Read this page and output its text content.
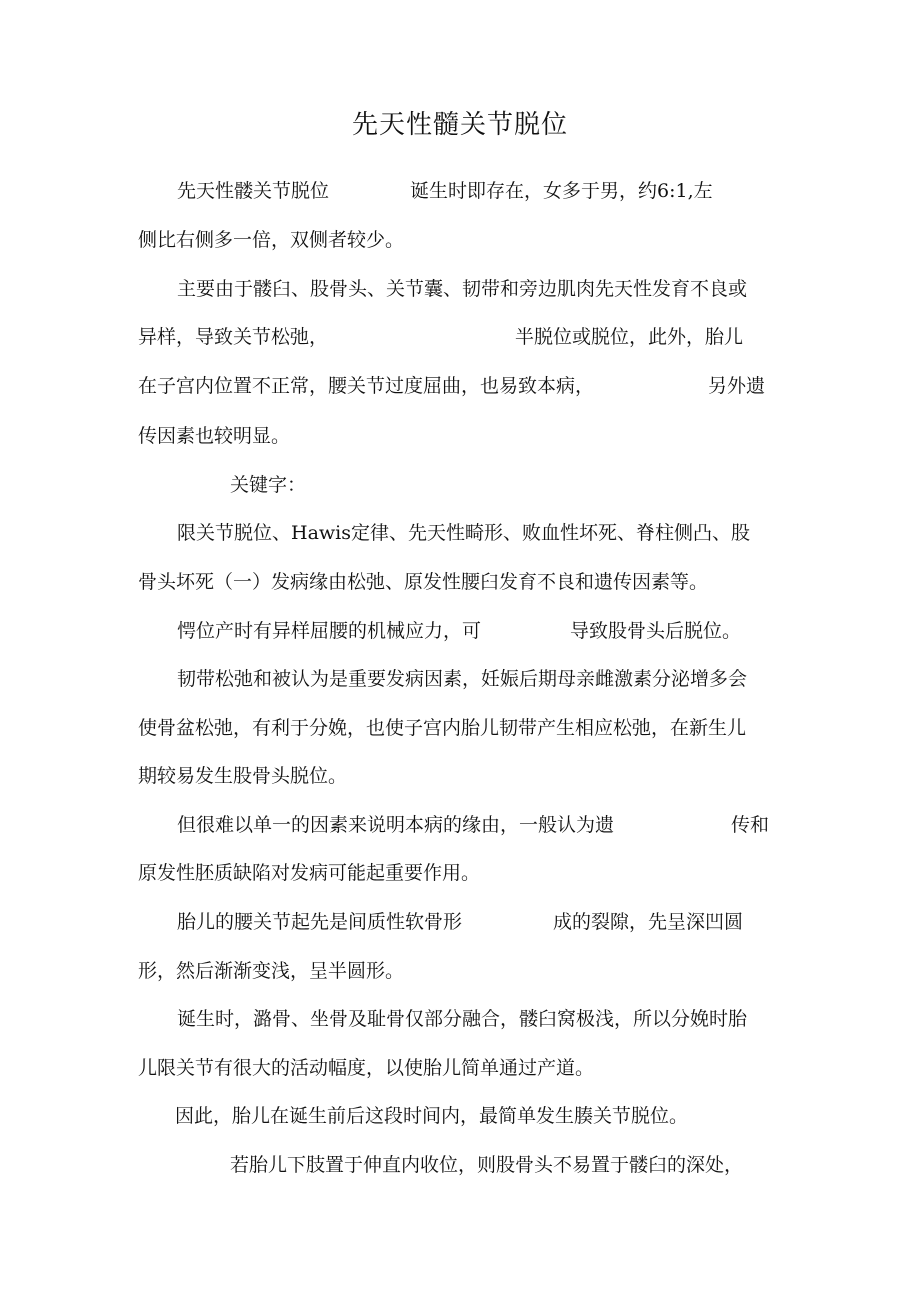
先天性髓关节脱位
先天性髅关节脱位	诞生时即存在，女多于男，约6:1,左
侧比右侧多一倍，双侧者较少。
主要由于髅臼、股骨头、关节囊、韧带和旁边肌肉先天性发育不良或
异样，导致关节松弛，	半脱位或脱位，此外，胎儿
在子宫内位置不正常，腰关节过度屈曲，也易致本病，	另外遗
传因素也较明显。
关键字：
限关节脱位、Hawis定律、先天性畸形、败血性坏死、脊柱侧凸、股
骨头坏死（一）发病缘由松弛、原发性腰臼发育不良和遗传因素等。
愕位产时有异样屈腰的机械应力，可	导致股骨头后脱位。
韧带松弛和被认为是重要发病因素，妊娠后期母亲雌激素分泌增多会
使骨盆松弛，有利于分娩，也使子宫内胎儿韧带产生相应松弛，在新生儿
期较易发生股骨头脱位。
但很难以单一的因素来说明本病的缘由，一般认为遗	传和
原发性胚质缺陷对发病可能起重要作用。
胎儿的腰关节起先是间质性软骨形	成的裂隙，先呈深凹圆
形，然后渐渐变浅，呈半圆形。
诞生时，潞骨、坐骨及耻骨仅部分融合，髅臼窝极浅，所以分娩时胎
儿限关节有很大的活动幅度，以使胎儿简单通过产道。
因此，胎儿在诞生前后这段时间内，最简单发生腠关节脱位。
若胎儿下肢置于伸直内收位，则股骨头不易置于髅臼的深处，
